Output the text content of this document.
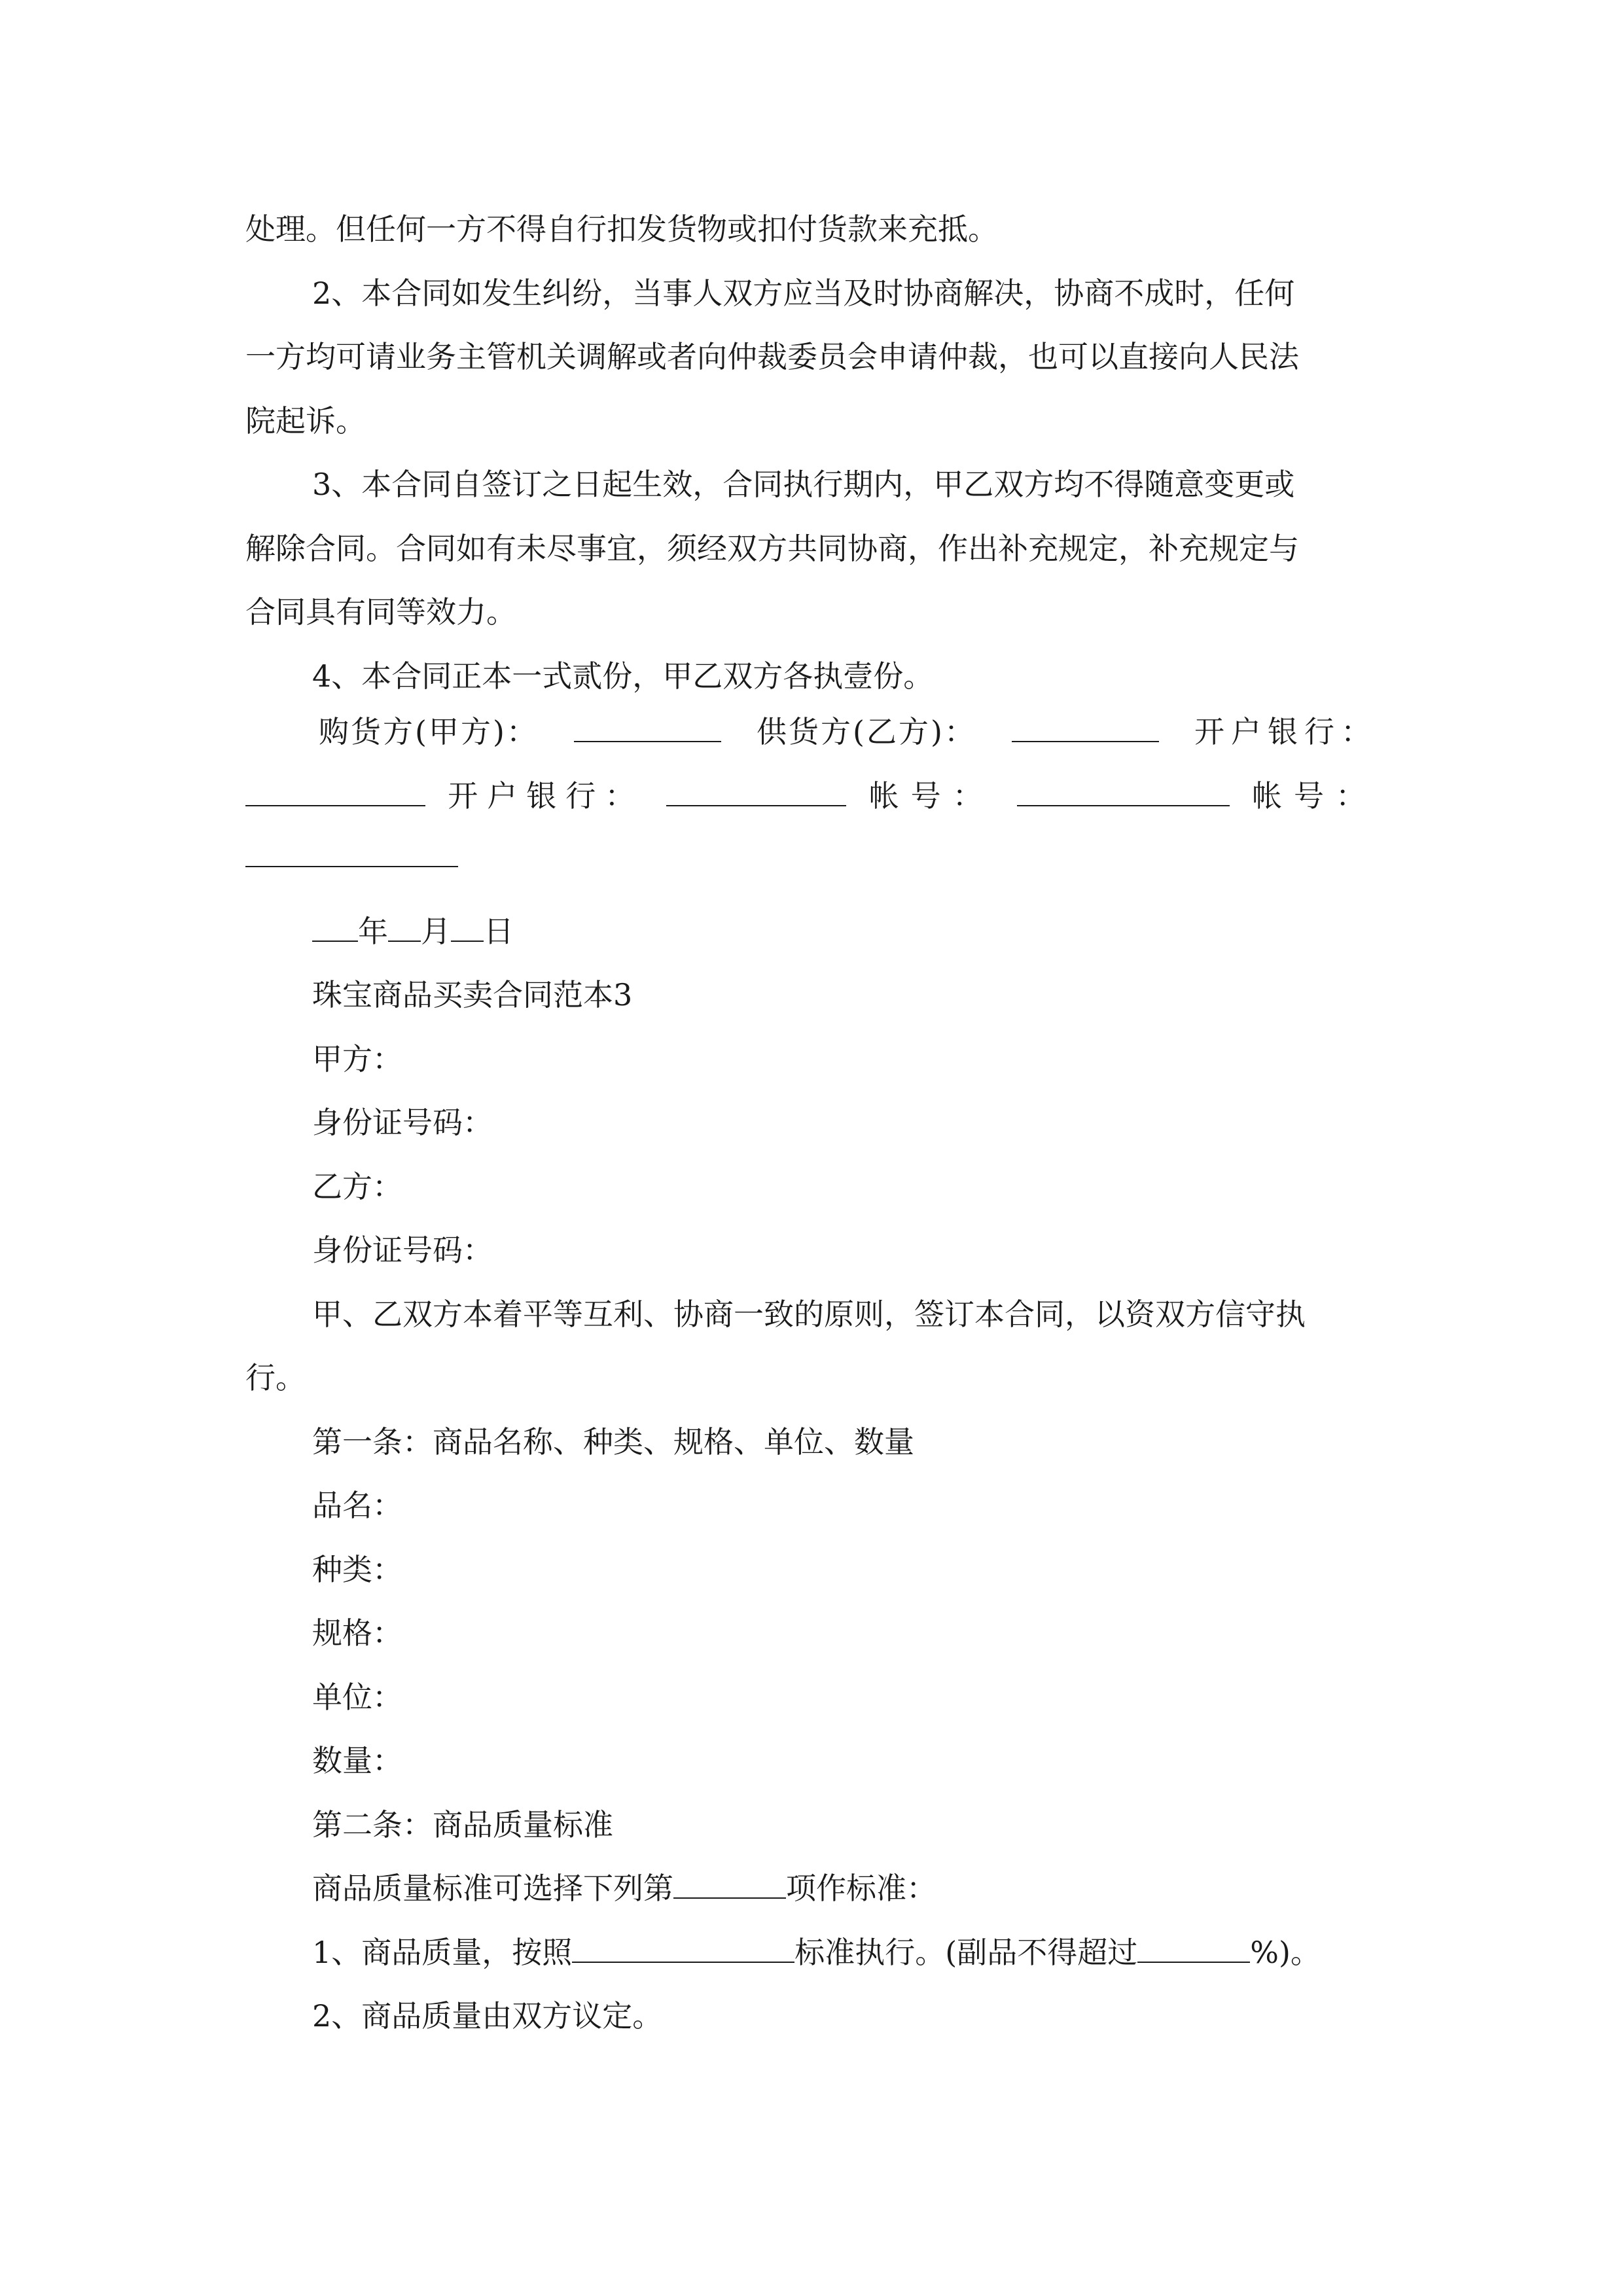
处理。但任何一方不得自行扣发货物或扣付货款来充抵。

2、本合同如发生纠纷，当事人双方应当及时协商解决，协商不成时，任何

一方均可请业务主管机关调解或者向仲裁委员会申请仲裁，也可以直接向人民法

院起诉。

3、本合同自签订之日起生效，合同执行期内，甲乙双方均不得随意变更或

解除合同。合同如有未尽事宜，须经双方共同协商，作出补充规定，补充规定与

合同具有同等效力。

4、本合同正本一式贰份，甲乙双方各执壹份。

购货方(甲方)：	供货方(乙方)：	开户银行：
开户银行：	帐号：	帐号：

年 月 日

珠宝商品买卖合同范本3

甲方：

身份证号码：

乙方：

身份证号码：

甲、乙双方本着平等互利、协商一致的原则，签订本合同，以资双方信守执

行。

第一条：商品名称、种类、规格、单位、数量

品名：

种类：

规格：

单位：

数量：

第二条：商品质量标准

商品质量标准可选择下列第	项作标准：

1、商品质量，按照	标准执行。(副品不得超过	%)。

2、商品质量由双方议定。
